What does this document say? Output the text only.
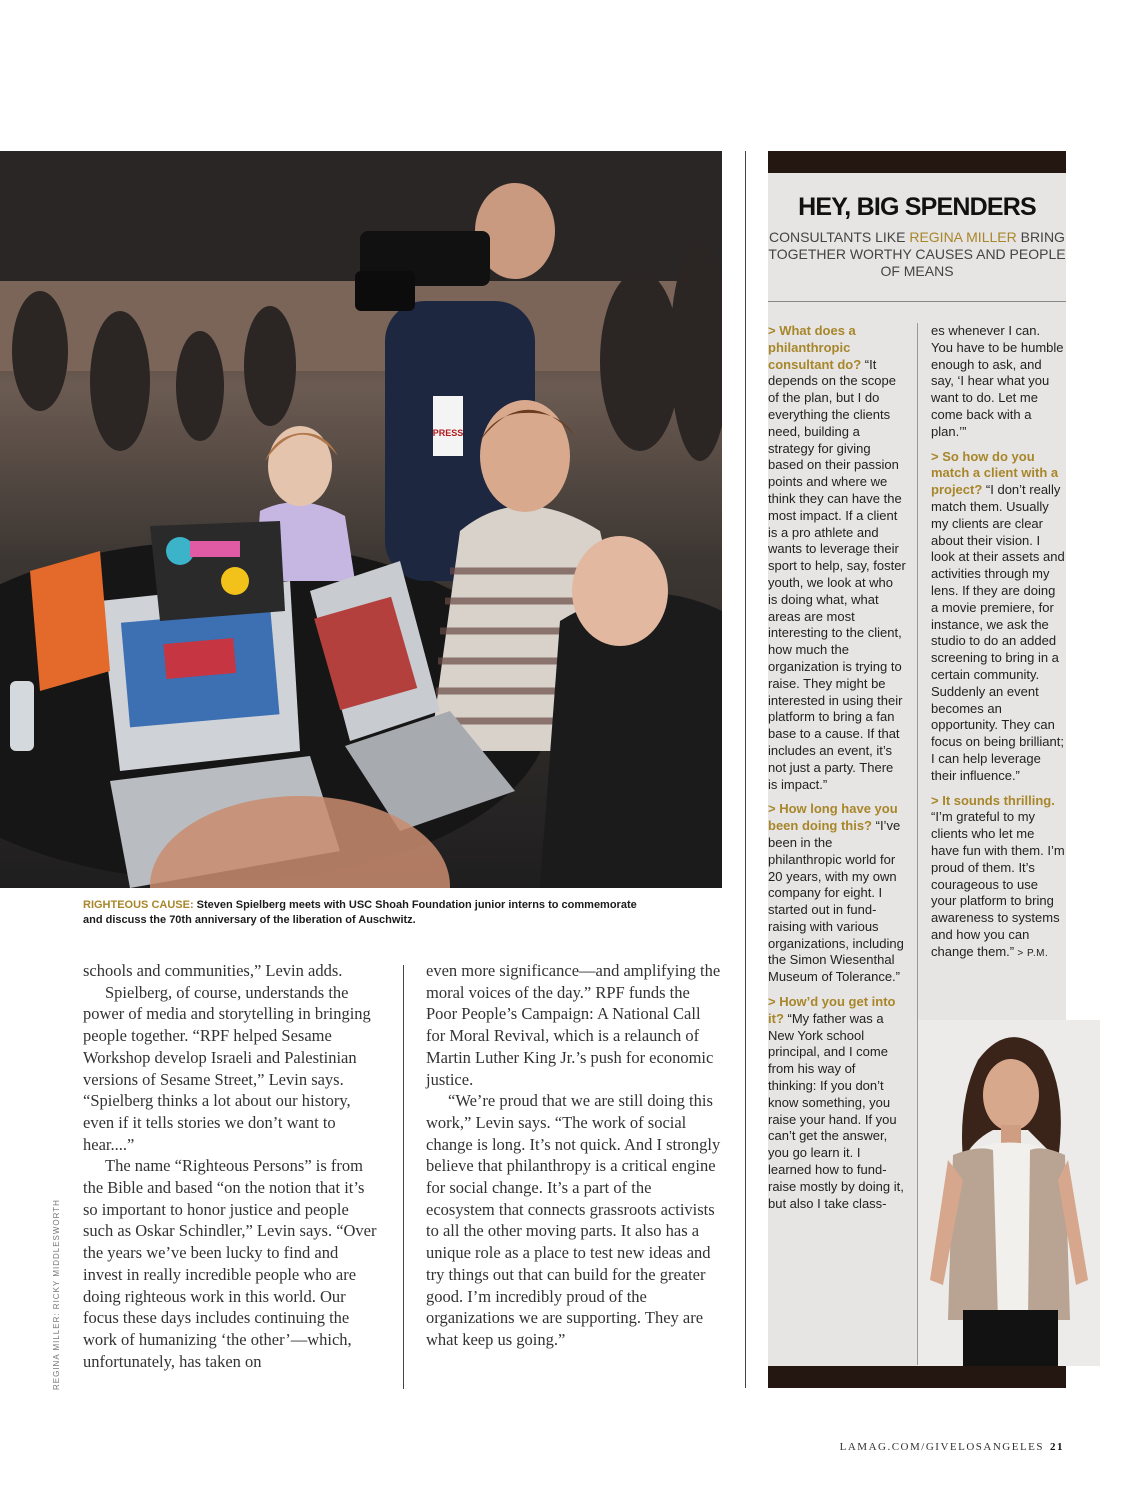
PRESS
RIGHTEOUS CAUSE: Steven Spielberg meets with USC Shoah Foundation junior interns to commemorate and discuss the 70th anniversary of the liberation of Auschwitz.

schools and communities,” Levin adds.

Spielberg, of course, understands the power of media and storytelling in bringing people together. “RPF helped Sesame Workshop develop Israeli and Palestinian versions of Sesame Street,” Levin says. “Spielberg thinks a lot about our history, even if it tells stories we don’t want to hear....”

The name “Righteous Persons” is from the Bible and based “on the notion that it’s so important to honor justice and people such as Oskar Schindler,” Levin says. “Over the years we’ve been lucky to find and invest in really incredible people who are doing righteous work in this world. Our focus these days includes continuing the work of humanizing ‘the other’—which, unfortunately, has taken on

even more significance—and amplifying the moral voices of the day.” RPF funds the Poor People’s Campaign: A National Call for Moral Revival, which is a relaunch of Martin Luther King Jr.’s push for economic justice.

“We’re proud that we are still doing this work,” Levin says. “The work of social change is long. It’s not quick. And I strongly believe that philanthropy is a critical engine for social change. It’s a part of the ecosystem that connects grassroots activists to all the other moving parts. It also has a unique role as a place to test new ideas and try things out that can build for the greater good. I’m incredibly proud of the organizations we are supporting. They are what keep us going.”

REGINA MILLER: RICKY MIDDLESWORTH
HEY, BIG SPENDERS
CONSULTANTS LIKE REGINA MILLER BRING TOGETHER WORTHY CAUSES AND PEOPLE OF MEANS

> What does a philanthropic consultant do? “It depends on the scope of the plan, but I do everything the clients need, building a strategy for giving based on their passion points and where we think they can have the most impact. If a client is a pro athlete and wants to leverage their sport to help, say, foster youth, we look at who is doing what, what areas are most interesting to the client, how much the organization is trying to raise. They might be interested in using their platform to bring a fan base to a cause. If that includes an event, it’s not just a party. There is impact.”

> How long have you been doing this? “I’ve been in the philanthropic world for 20 years, with my own company for eight. I started out in fund-raising with various organizations, including the Simon Wiesenthal Museum of Tolerance.”

> How’d you get into it? “My father was a New York school principal, and I come from his way of thinking: If you don’t know something, you raise your hand. If you can’t get the answer, you go learn it. I learned how to fund-raise mostly by doing it, but also I take class-

es whenever I can. You have to be humble enough to ask, and say, ‘I hear what you want to do. Let me come back with a plan.’”

> So how do you match a client with a project? “I don’t really match them. Usually my clients are clear about their vision. I look at their assets and activities through my lens. If they are doing a movie premiere, for instance, we ask the studio to do an added screening to bring in a certain community. Suddenly an event becomes an opportunity. They can focus on being brilliant; I can help leverage their influence.”

> It sounds thrilling. “I’m grateful to my clients who let me have fun with them. I’m proud of them. It’s courageous to use your platform to bring awareness to systems and how you can change them.” > P.M.

LAMAG.COM/GIVELOSANGELES 21
